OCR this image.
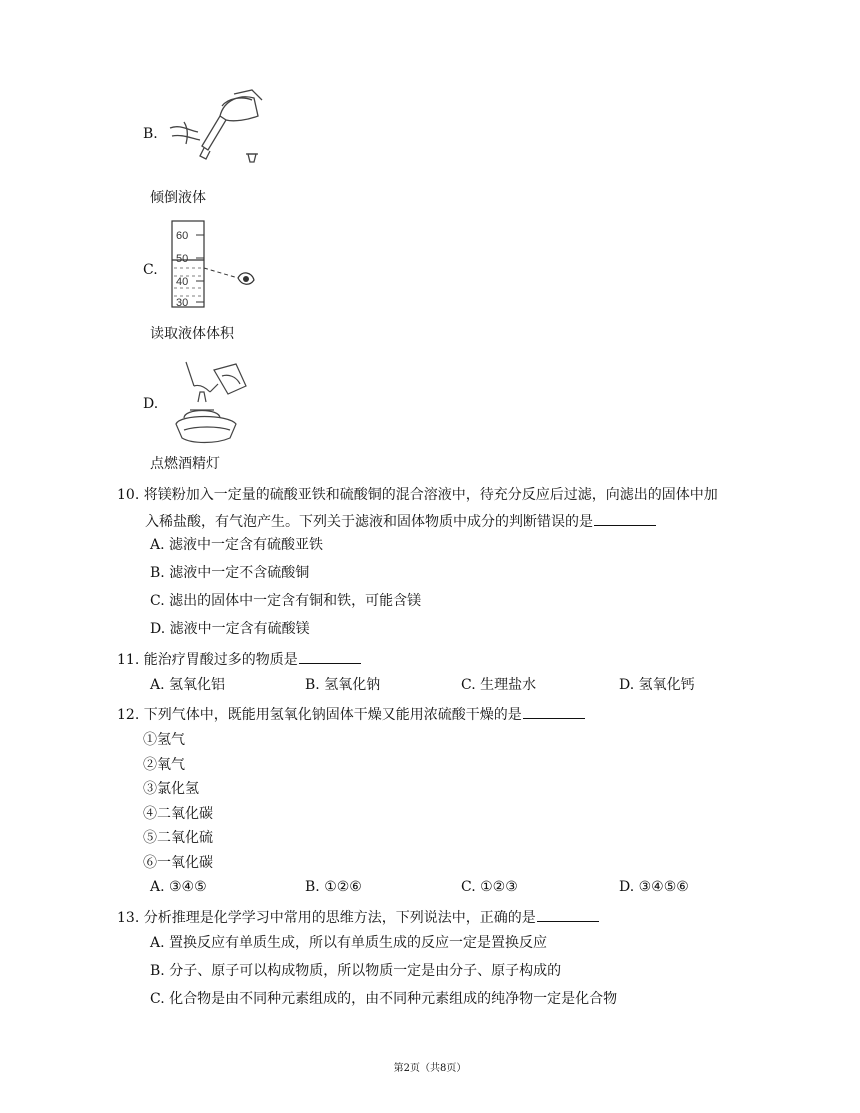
B.
倾倒液体
C.
60
50
40
30
读取液体体积
D.
点燃酒精灯
10. 将镁粉加入一定量的硫酸亚铁和硫酸铜的混合溶液中，待充分反应后过滤，向滤出的固体中加
入稀盐酸，有气泡产生。下列关于滤液和固体物质中成分的判断错误的是
A. 滤液中一定含有硫酸亚铁
B. 滤液中一定不含硫酸铜
C. 滤出的固体中一定含有铜和铁，可能含镁
D. 滤液中一定含有硫酸镁
11. 能治疗胃酸过多的物质是
A. 氢氧化铝	B. 氢氧化钠	C. 生理盐水	D. 氢氧化钙
12. 下列气体中，既能用氢氧化钠固体干燥又能用浓硫酸干燥的是
①氢气
②氧气
③氯化氢
④二氧化碳
⑤二氧化硫
⑥一氧化碳
A. ③④⑤	B. ①②⑥	C. ①②③	D. ③④⑤⑥
13. 分析推理是化学学习中常用的思维方法，下列说法中，正确的是
A. 置换反应有单质生成，所以有单质生成的反应一定是置换反应
B. 分子、原子可以构成物质，所以物质一定是由分子、原子构成的
C. 化合物是由不同种元素组成的，由不同种元素组成的纯净物一定是化合物
第2页（共8页）
